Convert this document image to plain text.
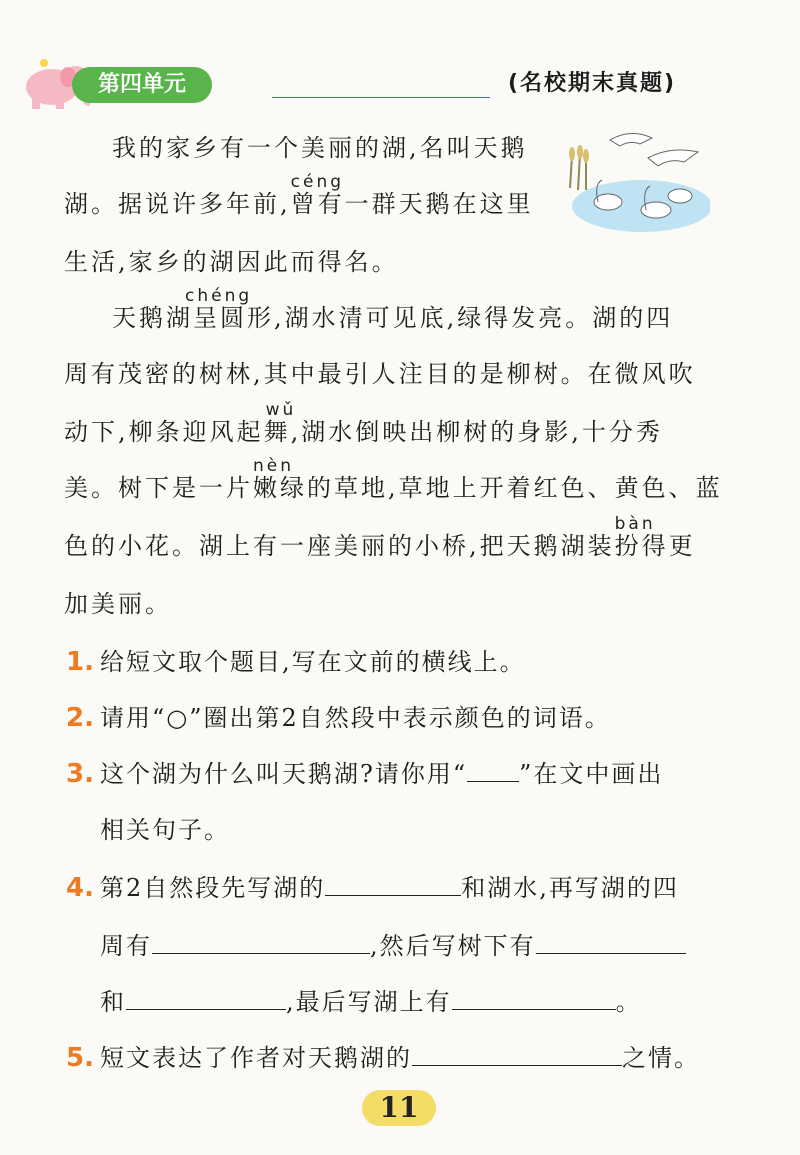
第四单元	(名校期末真题)
我的家乡有一个美丽的湖,名叫天鹅
湖。据说许多年前,
céng
曾有一群天鹅在这里
生活,家乡的湖因此而得名。
天鹅湖
chéng
呈圆形,湖水清可见底,绿得发亮。湖的四
周有茂密的树林,其中最引人注目的是柳树。在微风吹
动下,柳条迎风起
wǔ
舞,湖水倒映出柳树的身影,十分秀
美。树下是一片
nèn
嫩绿的草地,草地上开着红色、黄色、蓝
色的小花。湖上有一座美丽的小桥,把天鹅湖装
bàn
扮得更
加美丽。
1. 给短文取个题目,写在文前的横线上。
2. 请用“○”圈出第2自然段中表示颜色的词语。
3. 这个湖为什么叫天鹅湖?请你用“ ”在文中画出
相关句子。
4. 第2自然段先写湖的	和湖水,再写湖的四
周有	,然后写树下有
和	,最后写湖上有	。
5. 短文表达了作者对天鹅湖的	之情。
11
